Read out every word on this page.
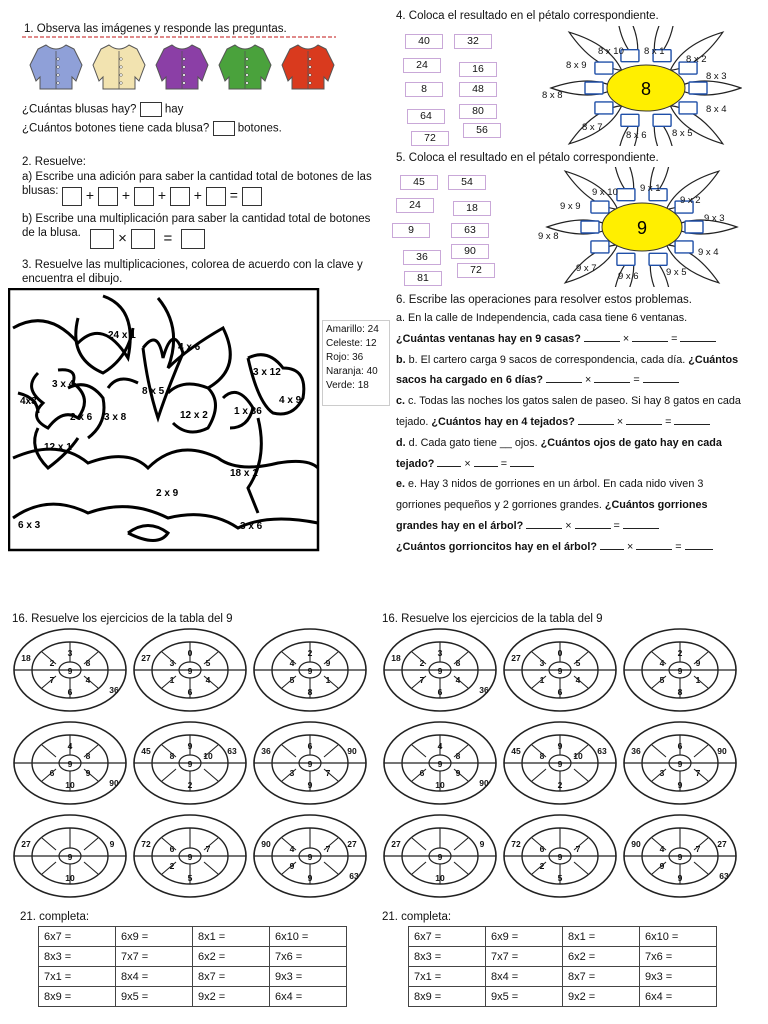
1. Observa las imágenes y responde las preguntas.
¿Cuántas blusas hay? hay
¿Cuántos botones tiene cada blusa? botones.
2. Resuelve:
a) Escribe una adición para saber la cantidad total de botones de las blusas:	+ + + + =
b) Escribe una multiplicación para saber la cantidad total de botones de la blusa.	× =
3. Resuelve las multiplicaciones, colorea de acuerdo con la clave y encuentra el dibujo.
24 x 1
4 x 6
3 x 4
4x3
8 x 5
3 x 12
2 x 6 3 x 8	12 x 2
4 x 9
1 x 36
12 x 1
18 x 1
2 x 9
6 x 3	3 x 6
Amarillo: 24
Celeste: 12
Rojo: 36
Naranja: 40
Verde: 18
4. Coloca el resultado en el pétalo correspondiente.
40	32
24	16
8	48
64	80
72
56
8 x 10 8 x 1
8 x 2
8 x 3
8 x 4
8 x 5
8 x 6
8 x 7
8 x 8
8 x 9
8
5. Coloca el resultado en el pétalo correspondiente.
45	54
24	18
9	63
36	90
81
72
9 x 10 9 x 1
9 x 2
9 x 3
9 x 4
9 x 5
9 x 6
9 x 7
9 x 8
9 x 9
9
6. Escribe las operaciones para resolver estos problemas.
a. En la calle de Independencia, cada casa tiene 6 ventanas.
¿Cuántas ventanas hay en 9 casas?	×	=
b. b. El cartero carga 9 sacos de correspondencia, cada día. ¿Cuántos
sacos ha cargado en 6 días?	×	=
c. c. Todas las noches los gatos salen de paseo. Si hay 8 gatos en cada
tejado. ¿Cuántos hay en 4 tejados?	×	=
d. d. Cada gato tiene __ ojos. ¿Cuántos ojos de gato hay en cada
tejado?	×	=
e. e. Hay 3 nidos de gorriones en un árbol. En cada nido viven 3
gorriones pequeños y 2 gorriones grandes. ¿Cuántos gorriones
grandes hay en el árbol?	×	=
¿Cuántos gorrioncitos hay en el árbol?	×	=
16. Resuelve los ejercicios de la tabla del 9	16. Resuelve los ejercicios de la tabla del 9
9
3
8
4
6
7
2
18
36
9
0
5
4
6
1
3
27
9
2
9
1
8
5
4
9
4
8
9
10
6
90
9
9
10
2
8
45	63
9
6
7
9
3
36	90
9
10
27	9
9
7
5
2
6
72
9
7
9
9
4
90	27
63
9
3
8
4
6
7
2
18
36
9
0
5
4
6
1
3
27
9
2
9
1
8
5
4
9
4
8
9
10
6
90
9
9
10
2
8
45	63
9
6
7
9
3
36	90
9
10
27	9
9
7
5
2
6
72
9
7
9
9
4
90	27
63
21. completa:	21. completa:
6x7 =	6x9 =	8x1 =	6x10 =
8x3 =	7x7 =	6x2 =	7x6 =
7x1 =	8x4 =	8x7 =	9x3 =
8x9 =	9x5 =	9x2 =	6x4 =
6x7 =	6x9 =	8x1 =	6x10 =
8x3 =	7x7 =	6x2 =	7x6 =
7x1 =	8x4 =	8x7 =	9x3 =
8x9 =	9x5 =	9x2 =	6x4 =
